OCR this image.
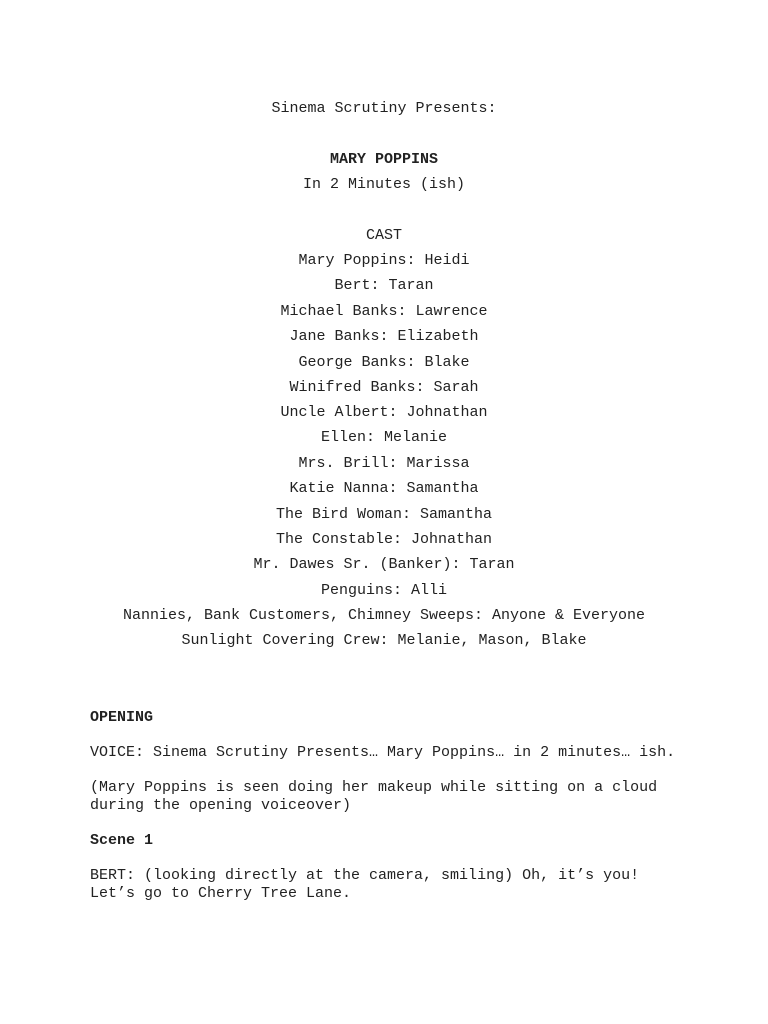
Sinema Scrutiny Presents:
MARY POPPINS
In 2 Minutes (ish)
CAST
Mary Poppins: Heidi
Bert: Taran
Michael Banks: Lawrence
Jane Banks: Elizabeth
George Banks: Blake
Winifred Banks: Sarah
Uncle Albert: Johnathan
Ellen: Melanie
Mrs. Brill: Marissa
Katie Nanna: Samantha
The Bird Woman: Samantha
The Constable: Johnathan
Mr. Dawes Sr. (Banker): Taran
Penguins: Alli
Nannies, Bank Customers, Chimney Sweeps: Anyone & Everyone
Sunlight Covering Crew: Melanie, Mason, Blake
OPENING
VOICE: Sinema Scrutiny Presents… Mary Poppins… in 2 minutes… ish.
(Mary Poppins is seen doing her makeup while sitting on a cloud during the opening voiceover)
Scene 1
BERT: (looking directly at the camera, smiling) Oh, it’s you! Let’s go to Cherry Tree Lane.
